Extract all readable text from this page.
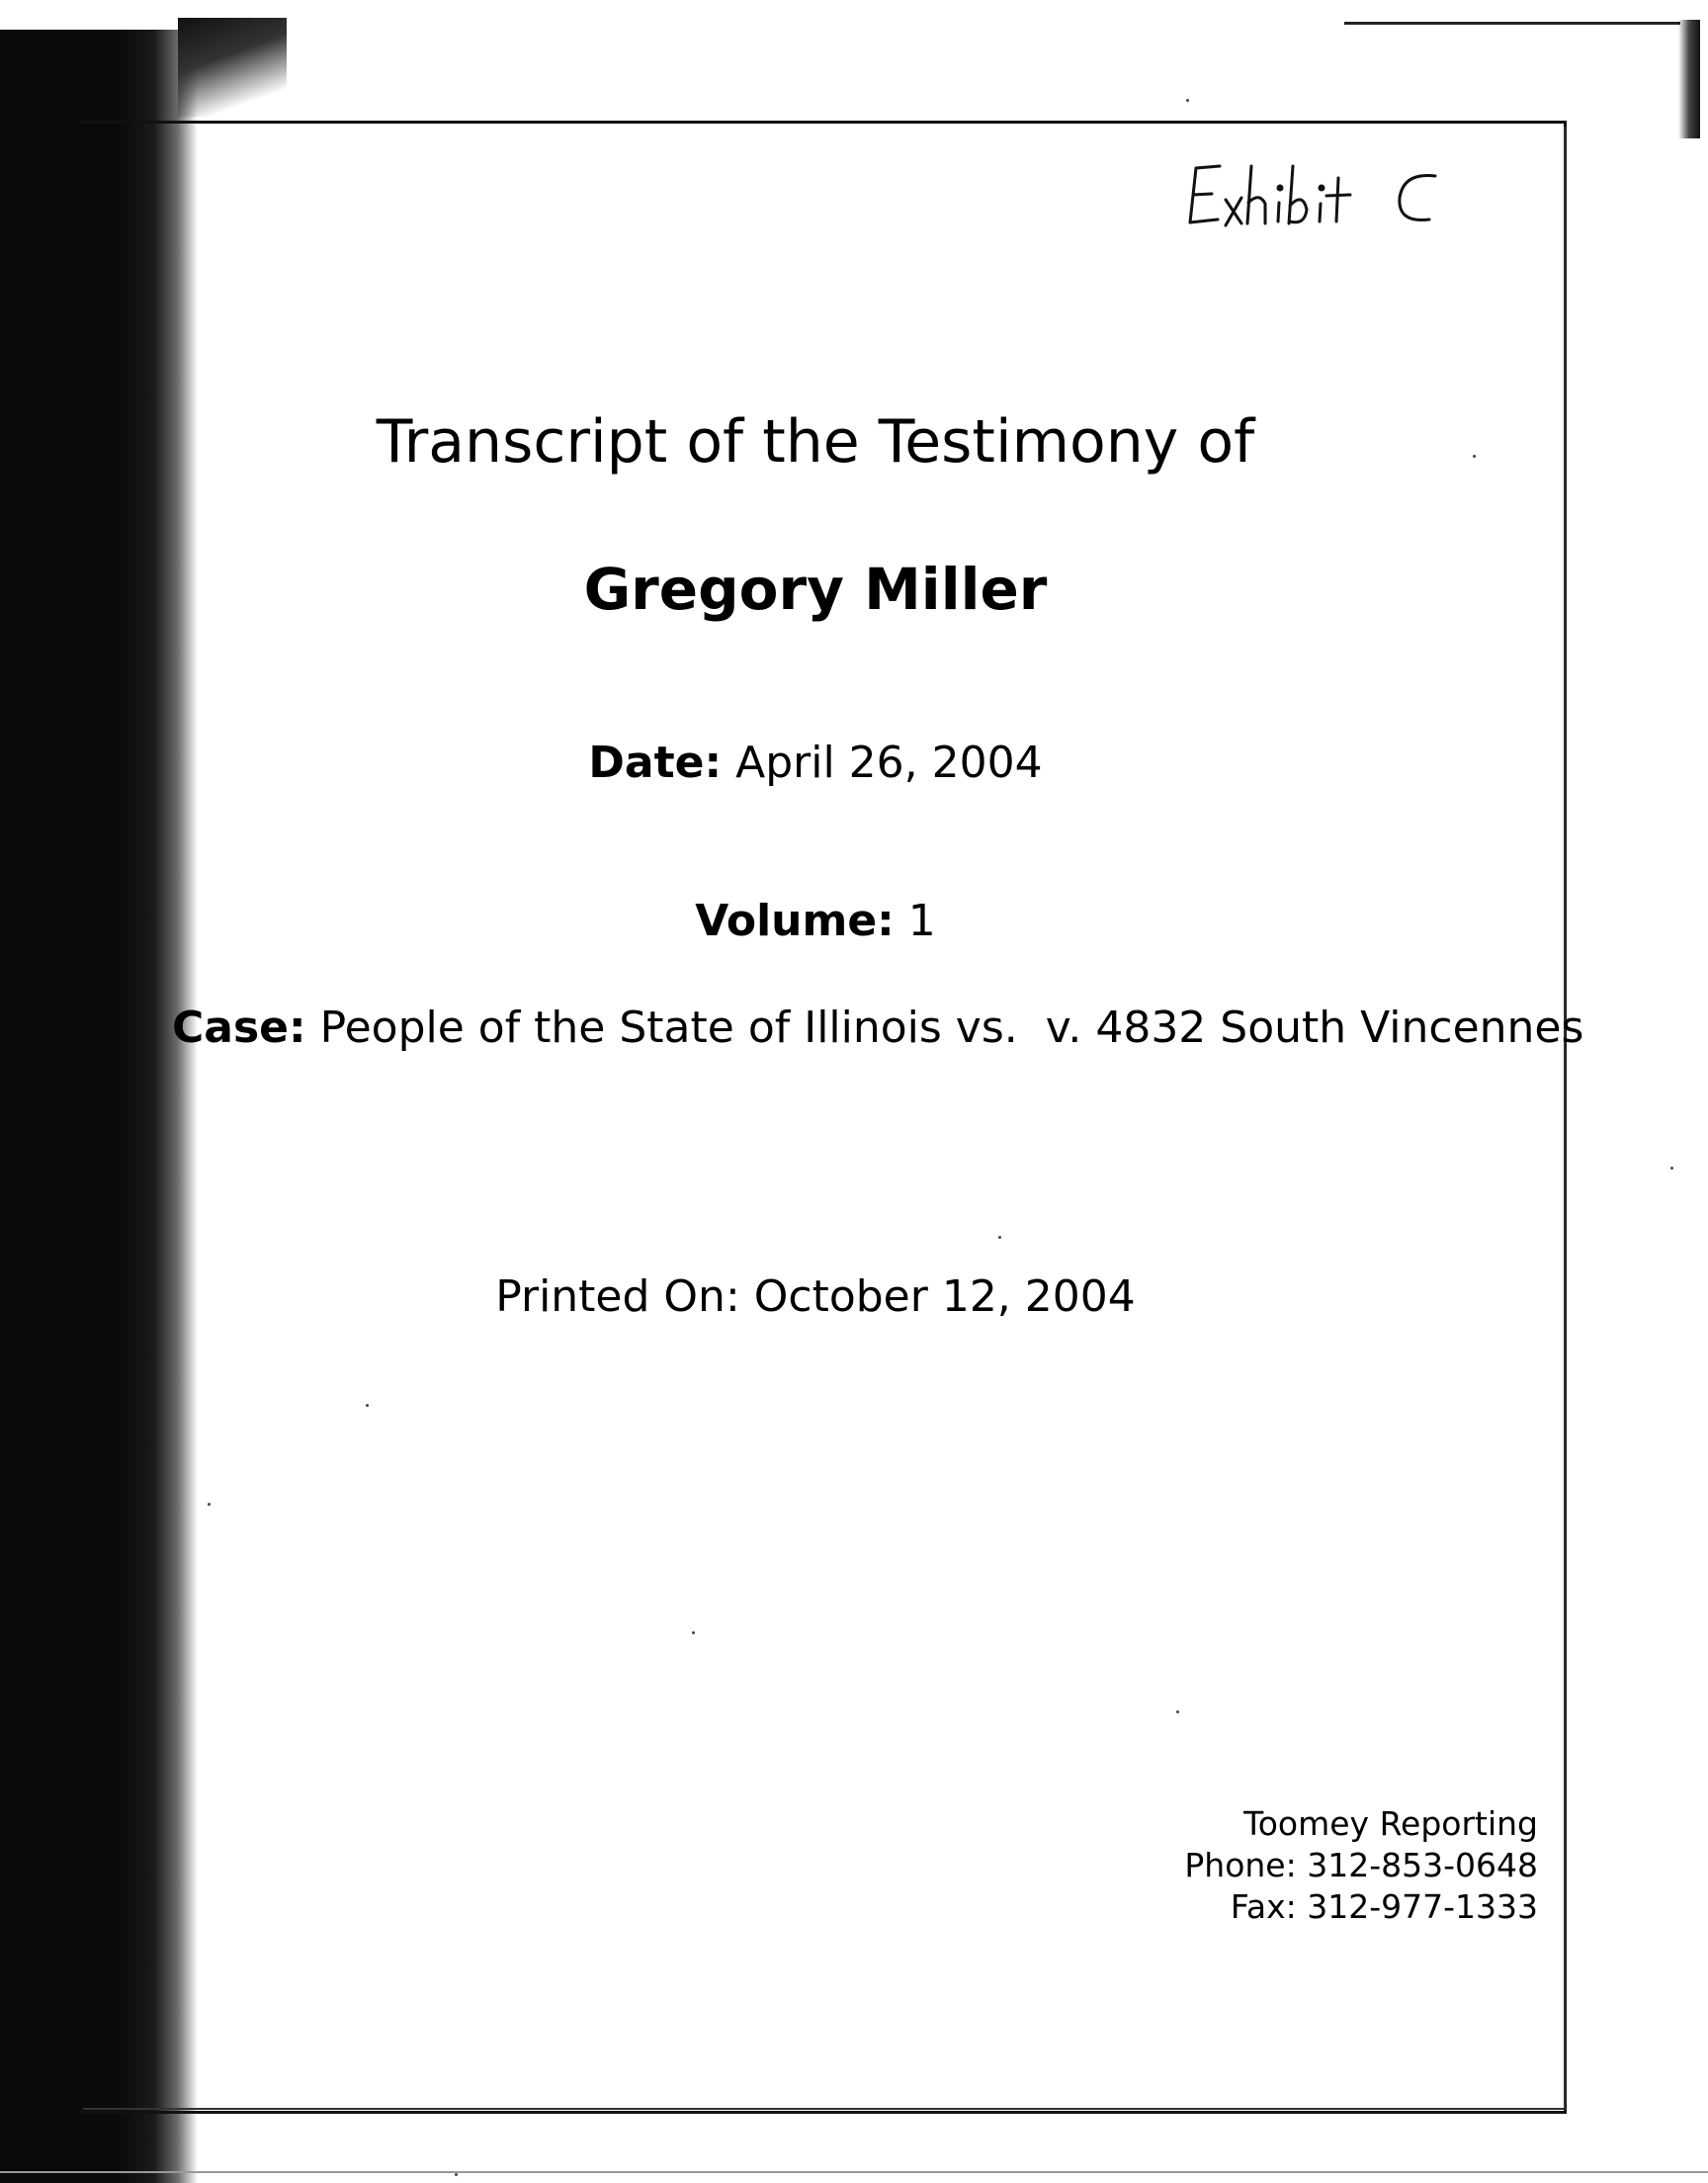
Transcript of the Testimony of
Gregory Miller
Date: April 26, 2004
Volume: 1
Case: People of the State of Illinois vs.  v. 4832 South Vincennes
Printed On: October 12, 2004
Toomey Reporting
Phone: 312-853-0648
Fax: 312-977-1333
